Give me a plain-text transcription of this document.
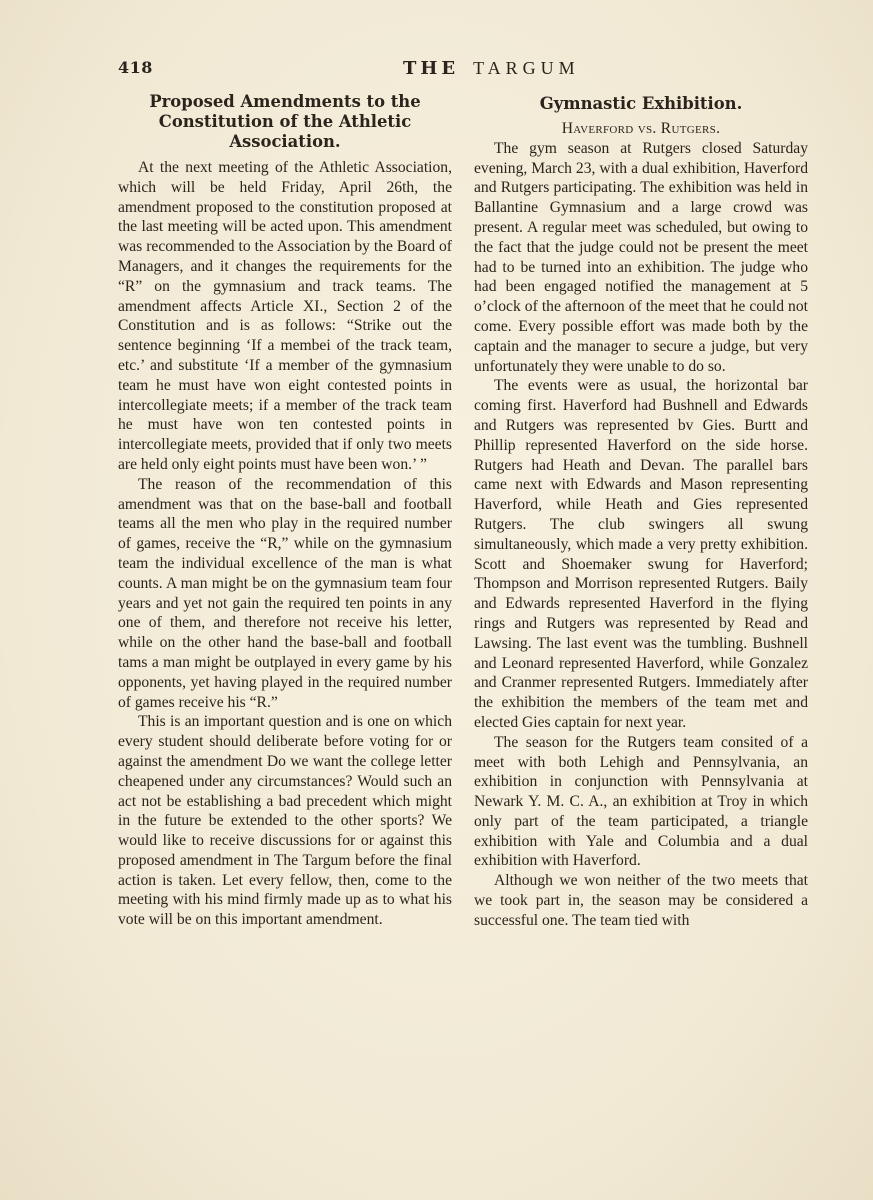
418	THE TARGUM
Proposed Amendments to the Constitution of the Athletic Association.

At the next meeting of the Athletic Association, which will be held Friday, April 26th, the amendment proposed to the constitution proposed at the last meeting will be acted upon. This amendment was recommended to the Association by the Board of Managers, and it changes the requirements for the “R” on the gymnasium and track teams. The amendment affects Article XI., Section 2 of the Constitution and is as follows: “Strike out the sentence beginning ‘If a membei of the track team, etc.’ and substitute ‘If a member of the gymnasium team he must have won eight contested points in intercollegiate meets; if a member of the track team he must have won ten contested points in intercollegiate meets, provided that if only two meets are held only eight points must have been won.’ ”

The reason of the recommendation of this amendment was that on the base-ball and football teams all the men who play in the required number of games, receive the “R,” while on the gymnasium team the individual excellence of the man is what counts. A man might be on the gymnasium team four years and yet not gain the required ten points in any one of them, and therefore not receive his letter, while on the other hand the base-ball and football tams a man might be outplayed in every game by his opponents, yet having played in the required number of games receive his “R.”

This is an important question and is one on which every student should deliberate before voting for or against the amendment Do we want the college letter cheapened under any circumstances? Would such an act not be establishing a bad precedent which might in the future be extended to the other sports? We would like to receive discussions for or against this proposed amendment in The Targum before the final action is taken. Let every fellow, then, come to the meeting with his mind firmly made up as to what his vote will be on this important amendment.

Gymnastic Exhibition.
Haverford vs. Rutgers.

The gym season at Rutgers closed Saturday evening, March 23, with a dual exhibition, Haverford and Rutgers participating. The exhibition was held in Ballantine Gymnasium and a large crowd was present. A regular meet was scheduled, but owing to the fact that the judge could not be present the meet had to be turned into an exhibition. The judge who had been engaged notified the management at 5 o’clock of the afternoon of the meet that he could not come. Every possible effort was made both by the captain and the manager to secure a judge, but very unfortunately they were unable to do so.

The events were as usual, the horizontal bar coming first. Haverford had Bushnell and Edwards and Rutgers was represented bv Gies. Burtt and Phillip represented Haverford on the side horse. Rutgers had Heath and Devan. The parallel bars came next with Edwards and Mason representing Haverford, while Heath and Gies represented Rutgers. The club swingers all swung simultaneously, which made a very pretty exhibition. Scott and Shoemaker swung for Haverford; Thompson and Morrison represented Rutgers. Baily and Edwards represented Haverford in the flying rings and Rutgers was represented by Read and Lawsing. The last event was the tumbling. Bushnell and Leonard represented Haverford, while Gonzalez and Cranmer represented Rutgers. Immediately after the exhibition the members of the team met and elected Gies captain for next year.

The season for the Rutgers team consited of a meet with both Lehigh and Pennsylvania, an exhibition in conjunction with Pennsylvania at Newark Y. M. C. A., an exhibition at Troy in which only part of the team participated, a triangle exhibition with Yale and Columbia and a dual exhibition with Haverford.

Although we won neither of the two meets that we took part in, the season may be considered a successful one. The team tied with
